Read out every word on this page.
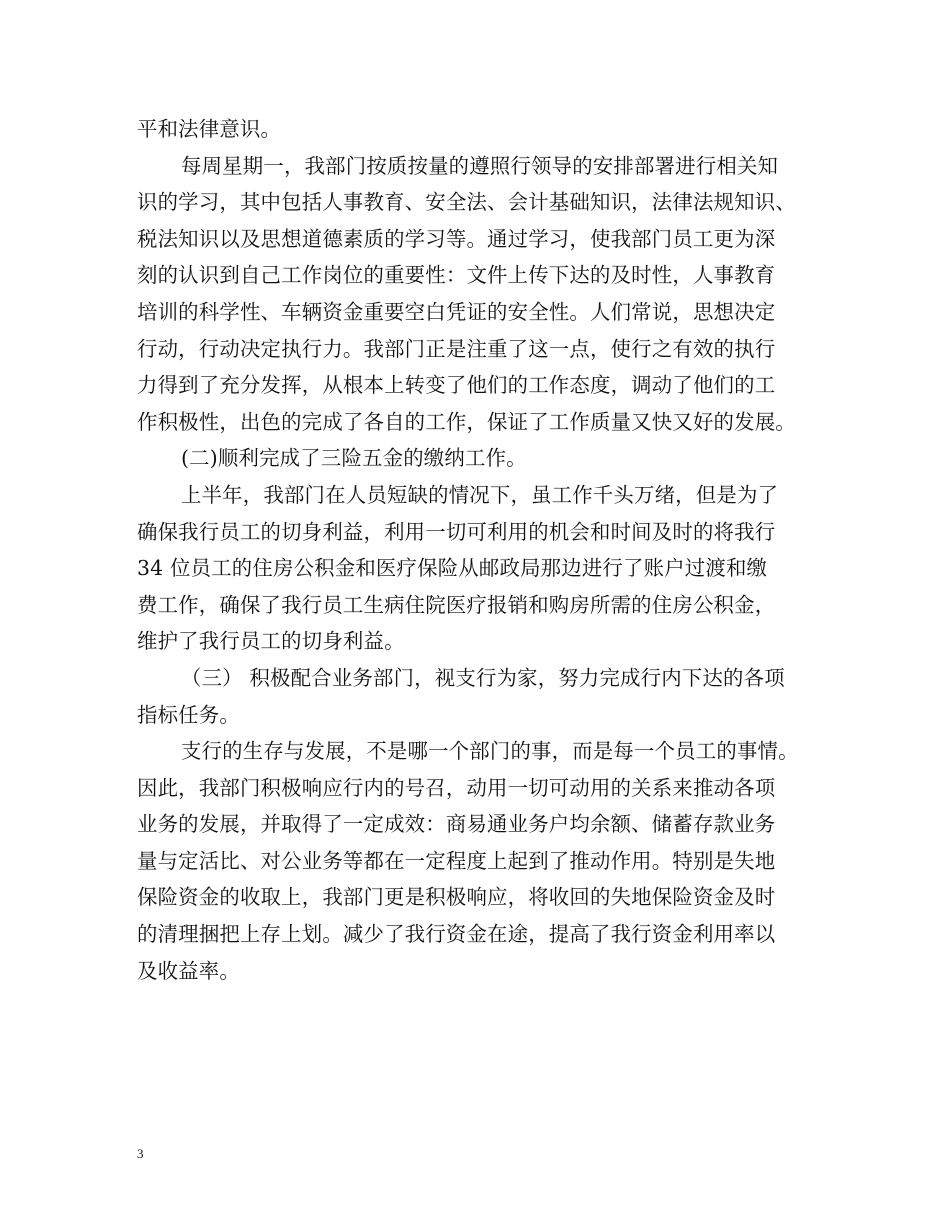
平和法律意识。
每周星期一，我部门按质按量的遵照行领导的安排部署进行相关知
识的学习，其中包括人事教育、安全法、会计基础知识，法律法规知识、
税法知识以及思想道德素质的学习等。通过学习，使我部门员工更为深
刻的认识到自己工作岗位的重要性：文件上传下达的及时性，人事教育
培训的科学性、车辆资金重要空白凭证的安全性。人们常说，思想决定
行动，行动决定执行力。我部门正是注重了这一点，使行之有效的执行
力得到了充分发挥，从根本上转变了他们的工作态度，调动了他们的工
作积极性，出色的完成了各自的工作，保证了工作质量又快又好的发展。
(二)顺利完成了三险五金的缴纳工作。
上半年，我部门在人员短缺的情况下，虽工作千头万绪，但是为了
确保我行员工的切身利益，利用一切可利用的机会和时间及时的将我行
34 位员工的住房公积金和医疗保险从邮政局那边进行了账户过渡和缴
费工作，确保了我行员工生病住院医疗报销和购房所需的住房公积金，
维护了我行员工的切身利益。
（三） 积极配合业务部门，视支行为家，努力完成行内下达的各项
指标任务。
支行的生存与发展，不是哪一个部门的事，而是每一个员工的事情。
因此，我部门积极响应行内的号召，动用一切可动用的关系来推动各项
业务的发展，并取得了一定成效：商易通业务户均余额、储蓄存款业务
量与定活比、对公业务等都在一定程度上起到了推动作用。特别是失地
保险资金的收取上，我部门更是积极响应，将收回的失地保险资金及时
的清理捆把上存上划。减少了我行资金在途，提高了我行资金利用率以
及收益率。
3
